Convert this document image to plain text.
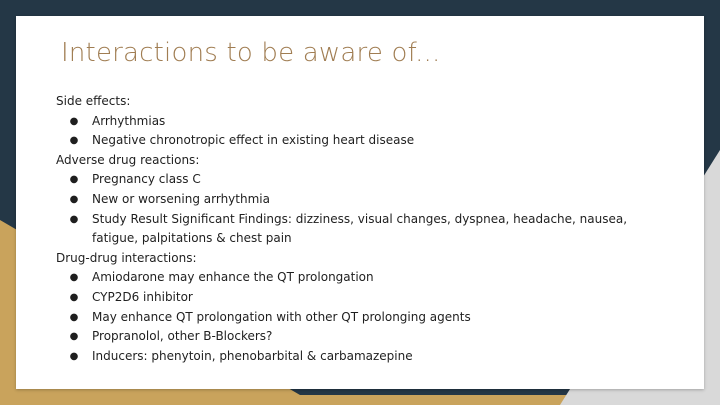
Interactions to be aware of...
Side effects:
●	Arrhythmias
●	Negative chronotropic effect in existing heart disease
Adverse drug reactions:
●	Pregnancy class C
●	New or worsening arrhythmia
●	Study Result Significant Findings: dizziness, visual changes, dyspnea, headache, nausea, fatigue, palpitations & chest pain
Drug-drug interactions:
●	Amiodarone may enhance the QT prolongation
●	CYP2D6 inhibitor
●	May enhance QT prolongation with other QT prolonging agents
●	Propranolol, other B-Blockers?
●	Inducers: phenytoin, phenobarbital & carbamazepine
